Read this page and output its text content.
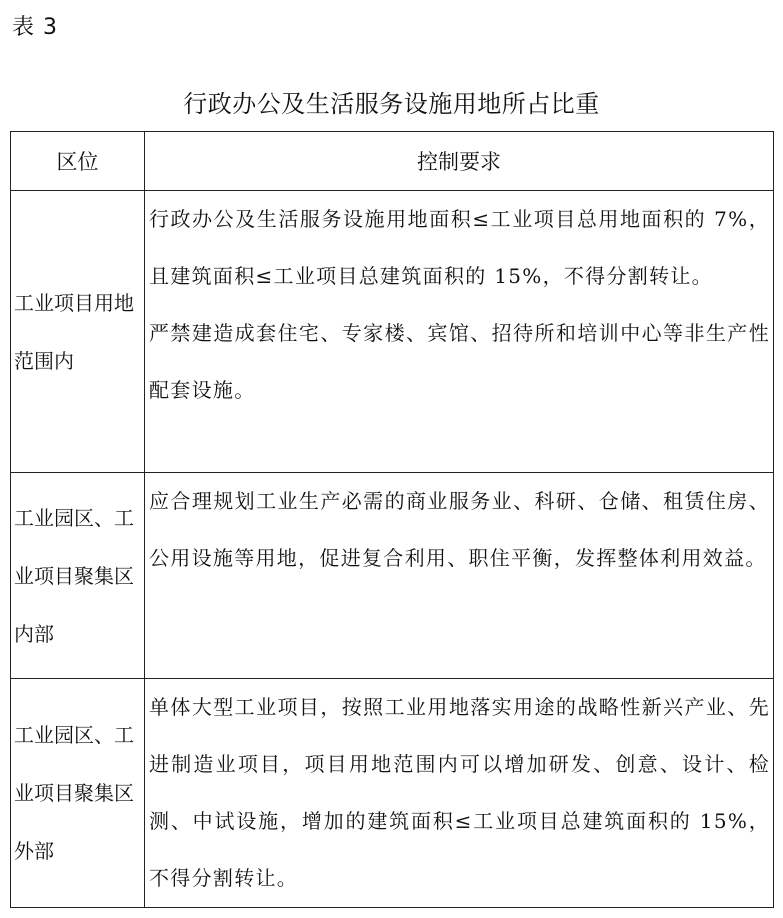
表 3
行政办公及生活服务设施用地所占比重
区位	控制要求
工业项目用地范围内	行政办公及生活服务设施用地面积≤工业项目总用地面积的 7%，且建筑面积≤工业项目总建筑面积的 15%，不得分割转让。
严禁建造成套住宅、专家楼、宾馆、招待所和培训中心等非生产性配套设施。

工业园区、工业项目聚集区内部	应合理规划工业生产必需的商业服务业、科研、仓储、租赁住房、公用设施等用地，促进复合利用、职住平衡，发挥整体利用效益。

工业园区、工业项目聚集区外部	单体大型工业项目，按照工业用地落实用途的战略性新兴产业、先进制造业项目，项目用地范围内可以增加研发、创意、设计、检测、中试设施，增加的建筑面积≤工业项目总建筑面积的 15%，不得分割转让。
